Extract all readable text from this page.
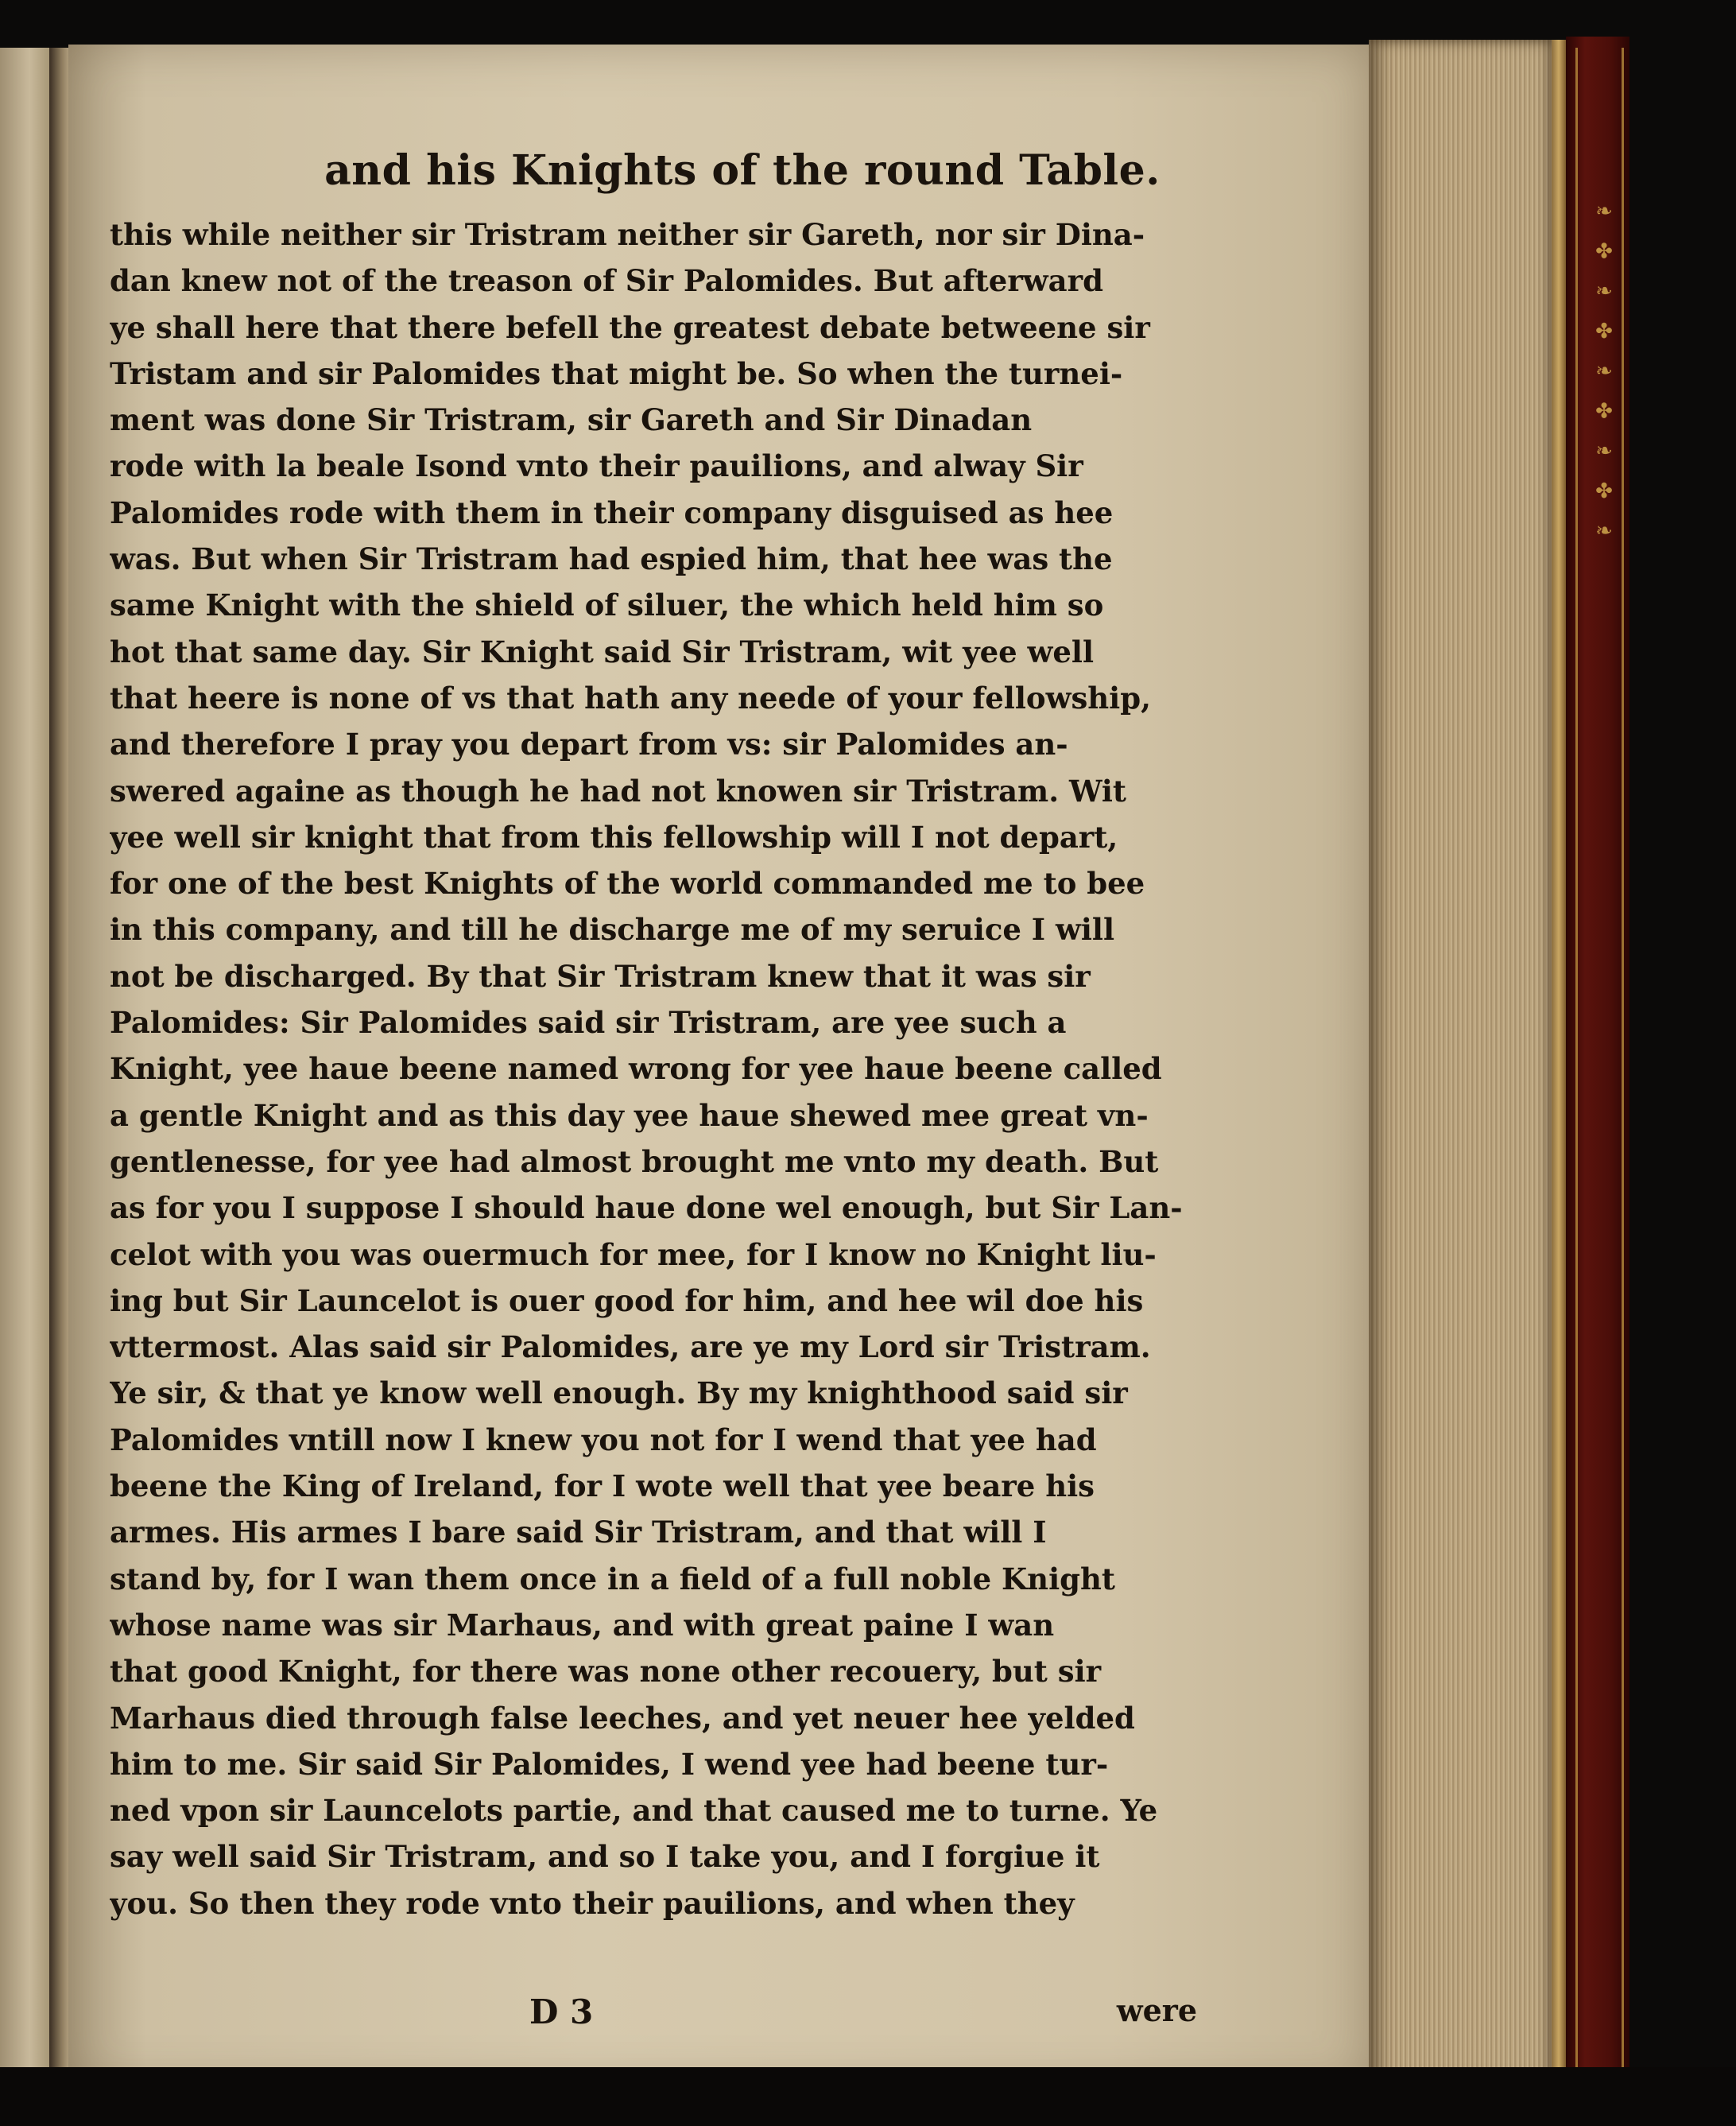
and his Knights of the round Table.
this while neither sir Tristram neither sir Gareth, nor sir Dina-
dan knew not of the treason of Sir Palomides. But afterward
ye shall here that there befell the greatest debate betweene sir
Tristam and sir Palomides that might be. So when the turnei-
ment was done Sir Tristram, sir Gareth and Sir Dinadan
rode with la beale Isond vnto their pauilions, and alway Sir
Palomides rode with them in their company disguised as hee
was. But when Sir Tristram had espied him, that hee was the
same Knight with the shield of siluer, the which held him so
hot that same day. Sir Knight said Sir Tristram, wit yee well
that heere is none of vs that hath any neede of your fellowship,
and therefore I pray you depart from vs: sir Palomides an-
swered againe as though he had not knowen sir Tristram. Wit
yee well sir knight that from this fellowship will I not depart,
for one of the best Knights of the world commanded me to bee
in this company, and till he discharge me of my seruice I will
not be discharged. By that Sir Tristram knew that it was sir
Palomides: Sir Palomides said sir Tristram, are yee such a
Knight, yee haue beene named wrong for yee haue beene called
a gentle Knight and as this day yee haue shewed mee great vn-
gentlenesse, for yee had almost brought me vnto my death. But
as for you I suppose I should haue done wel enough, but Sir Lan-
celot with you was ouermuch for mee, for I know no Knight liu-
ing but Sir Launcelot is ouer good for him, and hee wil doe his
vttermost. Alas said sir Palomides, are ye my Lord sir Tristram.
Ye sir, & that ye know well enough. By my knighthood said sir
Palomides vntill now I knew you not for I wend that yee had
beene the King of Ireland, for I wote well that yee beare his
armes. His armes I bare said Sir Tristram, and that will I
stand by, for I wan them once in a field of a full noble Knight
whose name was sir Marhaus, and with great paine I wan
that good Knight, for there was none other recouery, but sir
Marhaus died through false leeches, and yet neuer hee yelded
him to me. Sir said Sir Palomides, I wend yee had beene tur-
ned vpon sir Launcelots partie, and that caused me to turne. Ye
say well said Sir Tristram, and so I take you, and I forgiue it
you. So then they rode vnto their pauilions, and when they
D 3	were
❧ ✤ ❧ ✤ ❧ ✤ ❧ ✤ ❧
